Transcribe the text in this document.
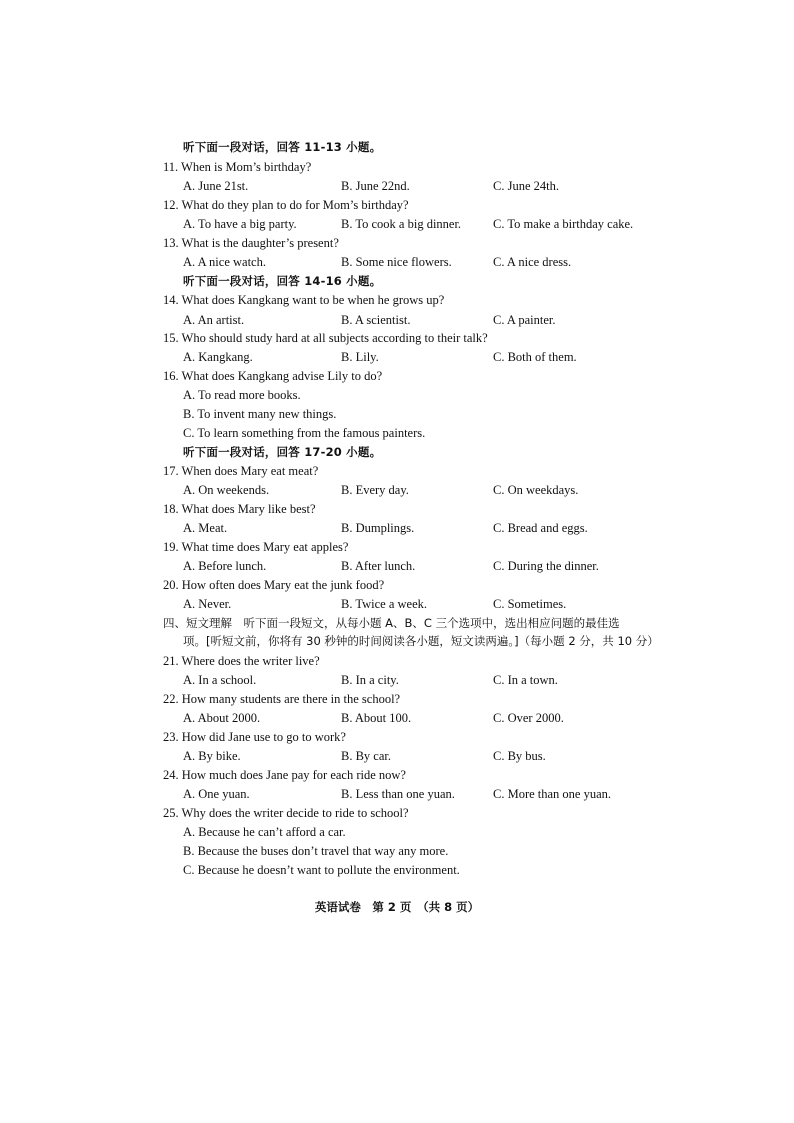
听下面一段对话，回答 11-13 小题。
11. When is Mom’s birthday?
A. June 21st.	B. June 22nd.	C. June 24th.
12. What do they plan to do for Mom’s birthday?
A. To have a big party.	B. To cook a big dinner.	C. To make a birthday cake.
13. What is the daughter’s present?
A. A nice watch.	B. Some nice flowers.	C. A nice dress.
听下面一段对话，回答 14-16 小题。
14. What does Kangkang want to be when he grows up?
A. An artist.	B. A scientist.	C. A painter.
15. Who should study hard at all subjects according to their talk?
A. Kangkang.	B. Lily.	C. Both of them.
16. What does Kangkang advise Lily to do?
A. To read more books.
B. To invent many new things.
C. To learn something from the famous painters.
听下面一段对话，回答 17-20 小题。
17. When does Mary eat meat?
A. On weekends.	B. Every day.	C. On weekdays.
18. What does Mary like best?
A. Meat.	B. Dumplings.	C. Bread and eggs.
19. What time does Mary eat apples?
A. Before lunch.	B. After lunch.	C. During the dinner.
20. How often does Mary eat the junk food?
A. Never.	B. Twice a week.	C. Sometimes.
四、短文理解　听下面一段短文，从每小题 A、B、C 三个选项中，选出相应问题的最佳选
项。[听短文前，你将有 30 秒钟的时间阅读各小题，短文读两遍。]（每小题 2 分，共 10 分）
21. Where does the writer live?
A. In a school.	B. In a city.	C. In a town.
22. How many students are there in the school?
A. About 2000.	B. About 100.	C. Over 2000.
23. How did Jane use to go to work?
A. By bike.	B. By car.	C. By bus.
24. How much does Jane pay for each ride now?
A. One yuan.	B. Less than one yuan.	C. More than one yuan.
25. Why does the writer decide to ride to school?
A. Because he can’t afford a car.
B. Because the buses don’t travel that way any more.
C. Because he doesn’t want to pollute the environment.
英语试卷　第 2 页　（共 8 页）
